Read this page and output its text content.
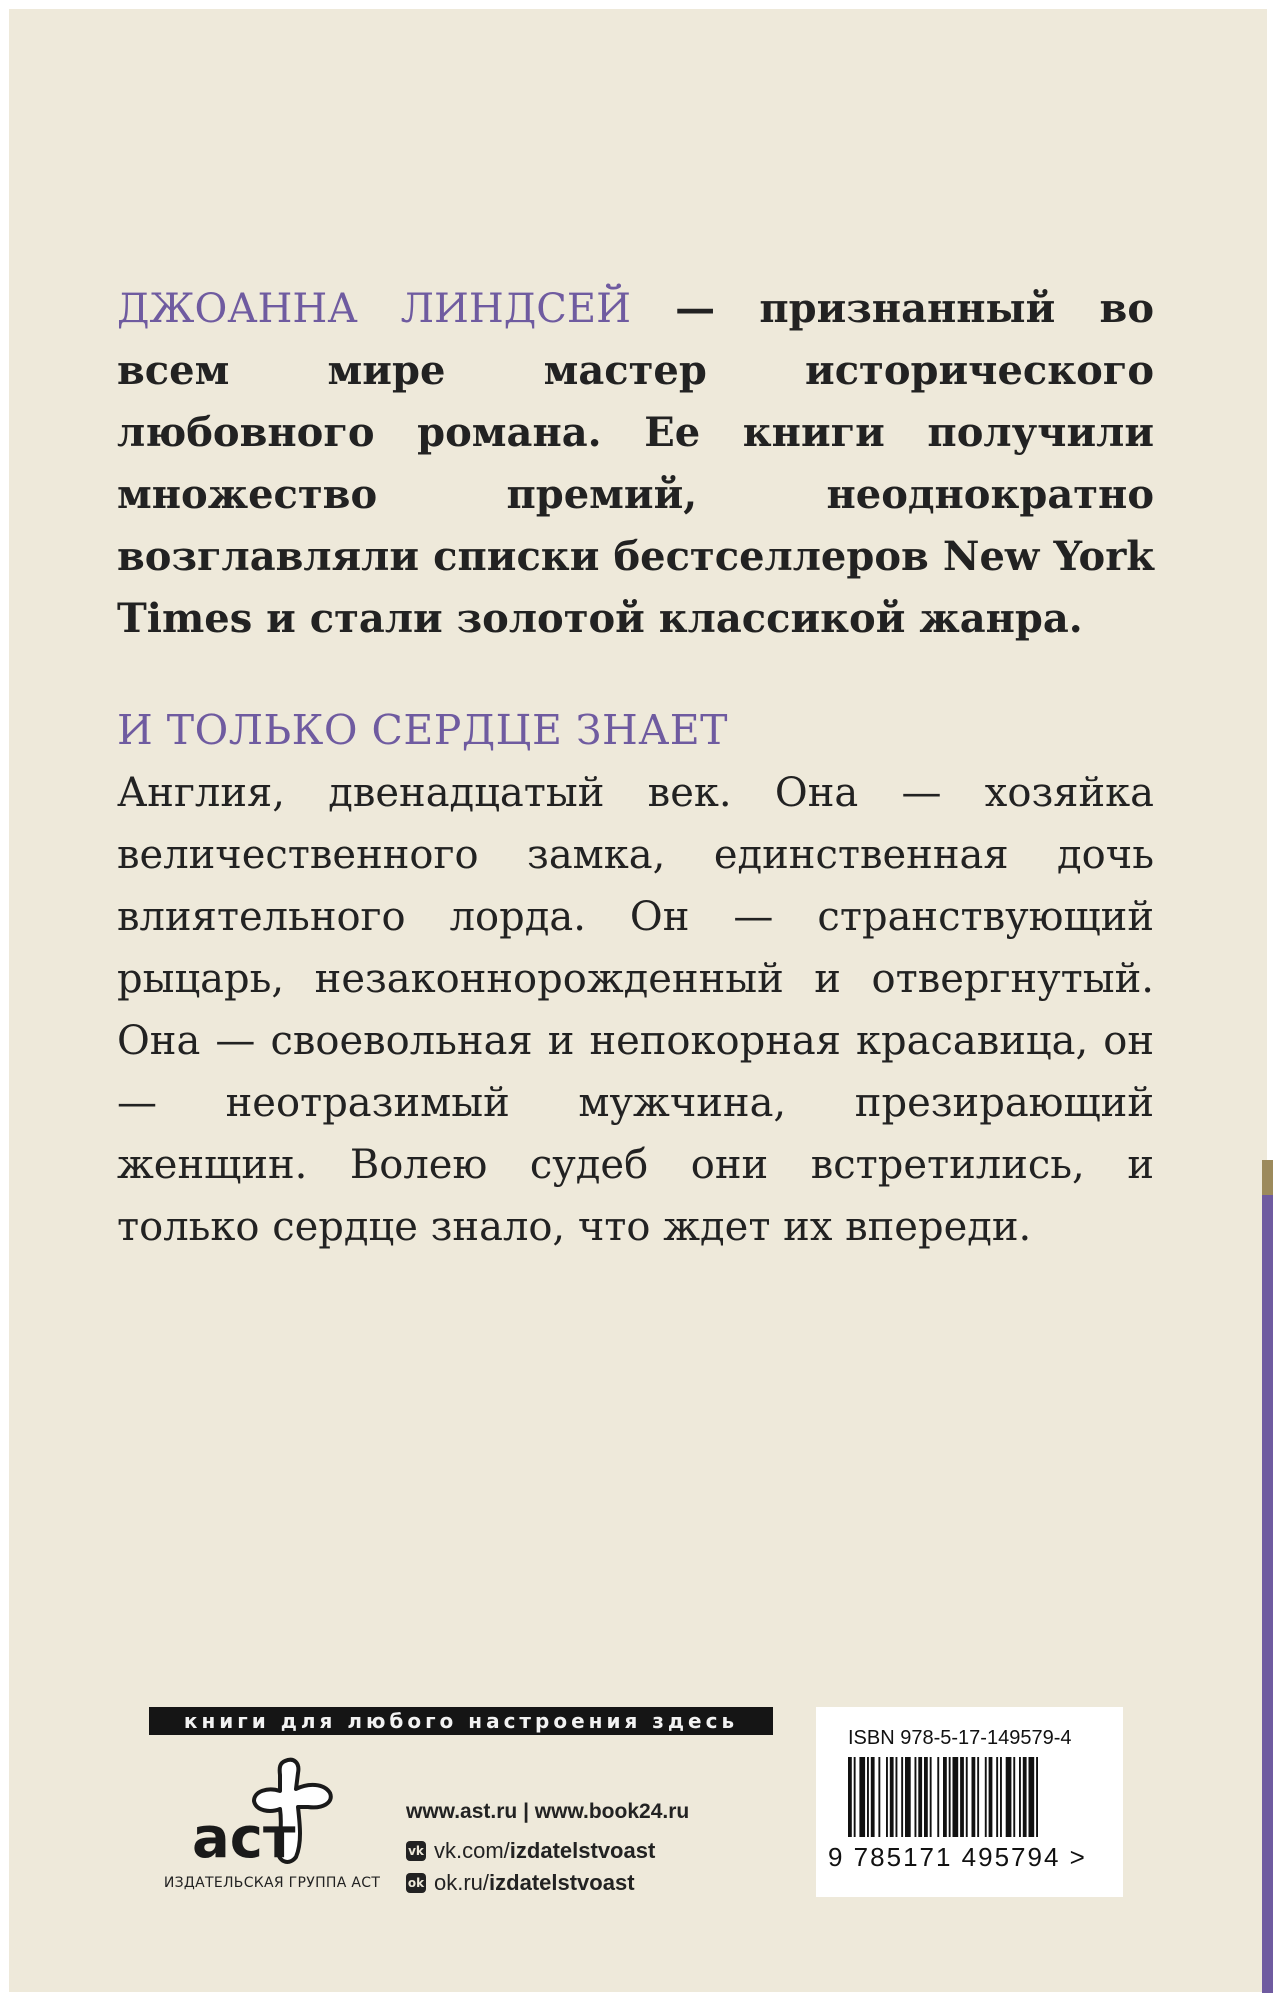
ДЖОАННА ЛИНДСЕЙ — признанный во всем мире мастер исторического любовного романа. Ее книги получили множество премий, неоднократно возглавляли списки бестселлеров New York Times и стали золотой классикой жанра.
И ТОЛЬКО СЕРДЦЕ ЗНАЕТ
Англия, двенадцатый век. Она — хозяйка величественного замка, единственная дочь влиятельного лорда. Он — странствующий рыцарь, незаконнорожденный и отвергнутый. Она — своевольная и непокорная красавица, он — неотразимый мужчина, презирающий женщин. Волею судеб они встретились, и только сердце знало, что ждет их впереди.
книги для любого настроения здесь
аст
ИЗДАТЕЛЬСКАЯ ГРУППА АСТ
www.ast.ru | www.book24.ru
vk vk.com/ izdatelstvoast
ok ok.ru/ izdatelstvoast
ISBN 978-5-17-149579-4
9 785171 495794 >
